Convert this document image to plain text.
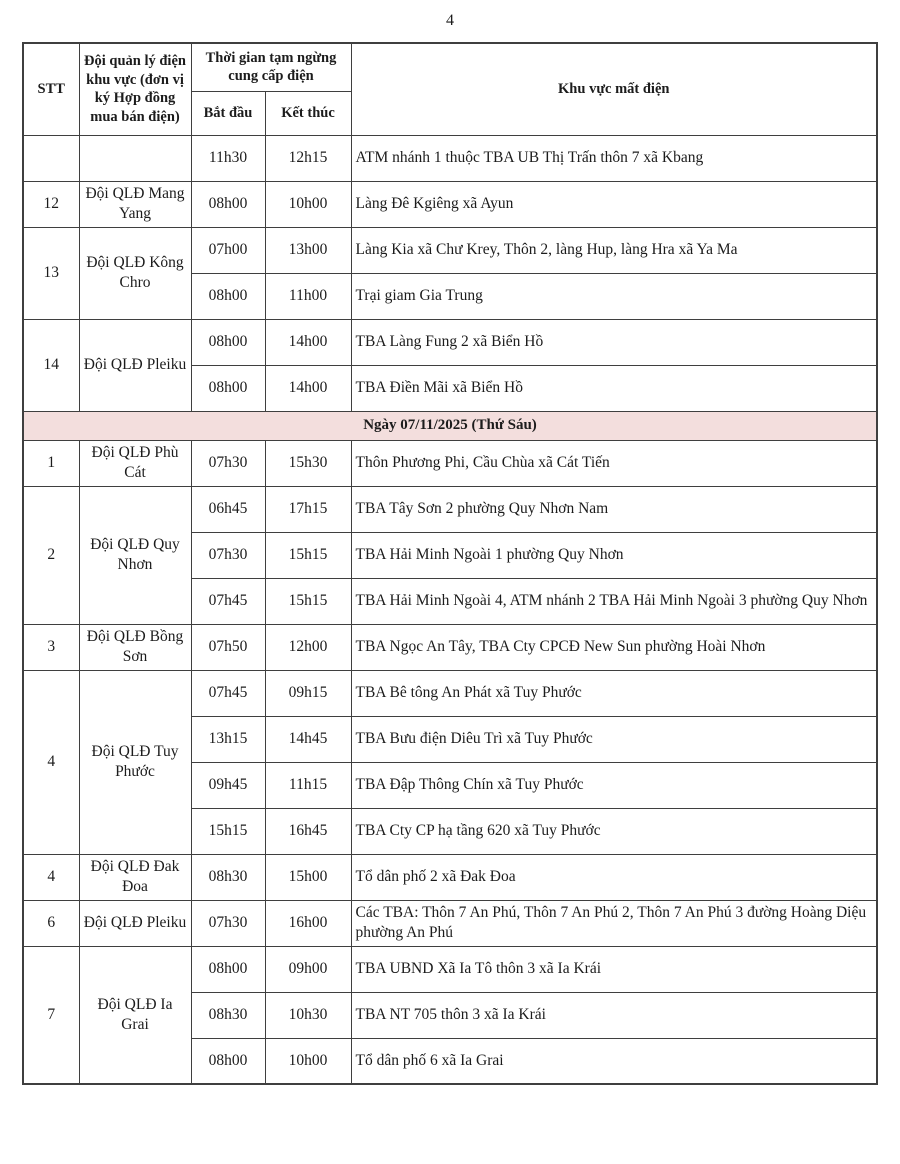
4
STT	Đội quản lý điện khu vực (đơn vị ký Hợp đồng mua bán điện)	Thời gian tạm ngừng cung cấp điện		Khu vực mất điện
		Bắt đầu	Kết thúc	
		11h30	12h15	ATM nhánh 1 thuộc TBA UB Thị Trấn thôn 7 xã Kbang
12	Đội QLĐ Mang Yang	08h00	10h00	Làng Đê Kgiêng xã Ayun
13	Đội QLĐ Kông Chro	07h00	13h00	Làng Kia xã Chư Krey, Thôn 2, làng Hup, làng Hra xã Ya Ma
		08h00	11h00	Trại giam Gia Trung
14	Đội QLĐ Pleiku	08h00	14h00	TBA Làng Fung 2 xã Biển Hồ
		08h00	14h00	TBA Điền Mãi xã Biển Hồ
Ngày 07/11/2025 (Thứ Sáu)				
1	Đội QLĐ Phù Cát	07h30	15h30	Thôn Phương Phi, Cầu Chùa xã Cát Tiến
2	Đội QLĐ Quy Nhơn	06h45	17h15	TBA Tây Sơn 2 phường Quy Nhơn Nam
		07h30	15h15	TBA Hải Minh Ngoài 1 phường Quy Nhơn
		07h45	15h15	TBA Hải Minh Ngoài 4, ATM nhánh 2 TBA Hải Minh Ngoài 3 phường Quy Nhơn
3	Đội QLĐ Bồng Sơn	07h50	12h00	TBA Ngọc An Tây, TBA Cty CPCĐ New Sun phường Hoài Nhơn
4	Đội QLĐ Tuy Phước	07h45	09h15	TBA Bê tông An Phát xã Tuy Phước
		13h15	14h45	TBA Bưu điện Diêu Trì xã Tuy Phước
		09h45	11h15	TBA Đập Thông Chín xã Tuy Phước
		15h15	16h45	TBA Cty CP hạ tầng 620 xã Tuy Phước
4	Đội QLĐ Đak Đoa	08h30	15h00	Tổ dân phố 2 xã Đak Đoa
6	Đội QLĐ Pleiku	07h30	16h00	Các TBA: Thôn 7 An Phú, Thôn 7 An Phú 2, Thôn 7 An Phú 3 đường Hoàng Diệu phường An Phú
7	Đội QLĐ Ia Grai	08h00	09h00	TBA UBND Xã Ia Tô thôn 3 xã Ia Krái
		08h30	10h30	TBA NT 705 thôn 3 xã Ia Krái
		08h00	10h00	Tổ dân phố 6 xã Ia Grai
